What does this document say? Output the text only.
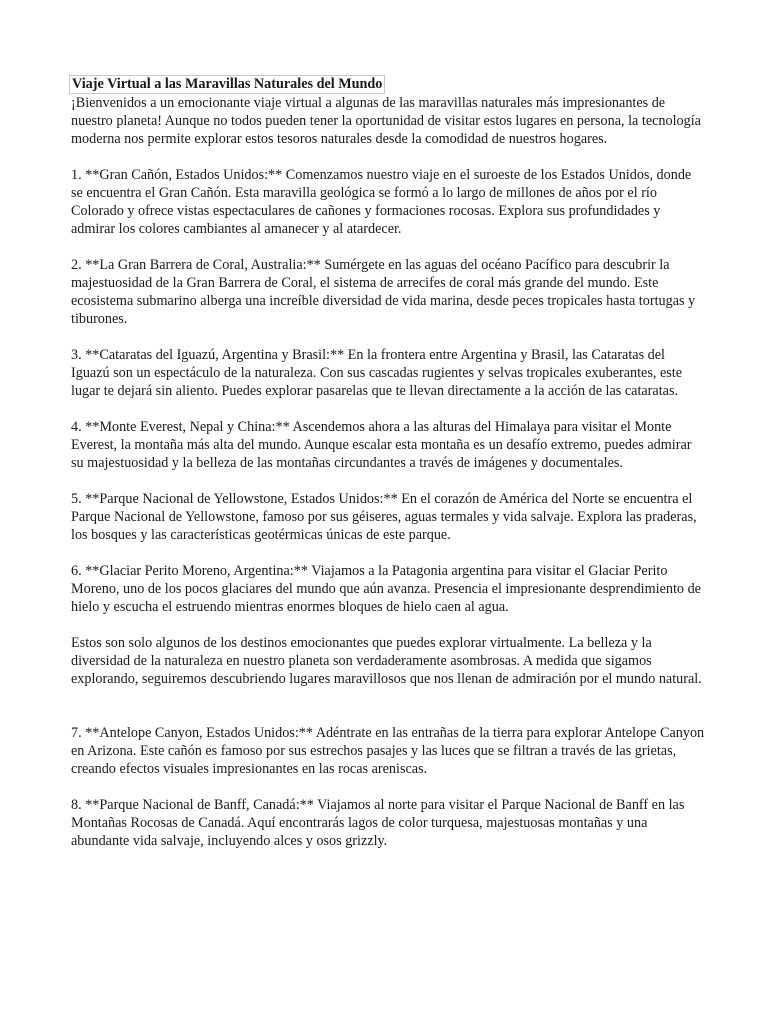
Viaje Virtual a las Maravillas Naturales del Mundo

¡Bienvenidos a un emocionante viaje virtual a algunas de las maravillas naturales más impresionantes de nuestro planeta! Aunque no todos pueden tener la oportunidad de visitar estos lugares en persona, la tecnología moderna nos permite explorar estos tesoros naturales desde la comodidad de nuestros hogares.

1. **Gran Cañón, Estados Unidos:** Comenzamos nuestro viaje en el suroeste de los Estados Unidos, donde se encuentra el Gran Cañón. Esta maravilla geológica se formó a lo largo de millones de años por el río Colorado y ofrece vistas espectaculares de cañones y formaciones rocosas. Explora sus profundidades y admirar los colores cambiantes al amanecer y al atardecer.

2. **La Gran Barrera de Coral, Australia:** Sumérgete en las aguas del océano Pacífico para descubrir la majestuosidad de la Gran Barrera de Coral, el sistema de arrecifes de coral más grande del mundo. Este ecosistema submarino alberga una increíble diversidad de vida marina, desde peces tropicales hasta tortugas y tiburones.

3. **Cataratas del Iguazú, Argentina y Brasil:** En la frontera entre Argentina y Brasil, las Cataratas del Iguazú son un espectáculo de la naturaleza. Con sus cascadas rugientes y selvas tropicales exuberantes, este lugar te dejará sin aliento. Puedes explorar pasarelas que te llevan directamente a la acción de las cataratas.

4. **Monte Everest, Nepal y China:** Ascendemos ahora a las alturas del Himalaya para visitar el Monte Everest, la montaña más alta del mundo. Aunque escalar esta montaña es un desafío extremo, puedes admirar su majestuosidad y la belleza de las montañas circundantes a través de imágenes y documentales.

5. **Parque Nacional de Yellowstone, Estados Unidos:** En el corazón de América del Norte se encuentra el Parque Nacional de Yellowstone, famoso por sus géiseres, aguas termales y vida salvaje. Explora las praderas, los bosques y las características geotérmicas únicas de este parque.

6. **Glaciar Perito Moreno, Argentina:** Viajamos a la Patagonia argentina para visitar el Glaciar Perito Moreno, uno de los pocos glaciares del mundo que aún avanza. Presencia el impresionante desprendimiento de hielo y escucha el estruendo mientras enormes bloques de hielo caen al agua.

Estos son solo algunos de los destinos emocionantes que puedes explorar virtualmente. La belleza y la diversidad de la naturaleza en nuestro planeta son verdaderamente asombrosas. A medida que sigamos explorando, seguiremos descubriendo lugares maravillosos que nos llenan de admiración por el mundo natural.

7. **Antelope Canyon, Estados Unidos:** Adéntrate en las entrañas de la tierra para explorar Antelope Canyon en Arizona. Este cañón es famoso por sus estrechos pasajes y las luces que se filtran a través de las grietas, creando efectos visuales impresionantes en las rocas areniscas.

8. **Parque Nacional de Banff, Canadá:** Viajamos al norte para visitar el Parque Nacional de Banff en las Montañas Rocosas de Canadá. Aquí encontrarás lagos de color turquesa, majestuosas montañas y una abundante vida salvaje, incluyendo alces y osos grizzly.
